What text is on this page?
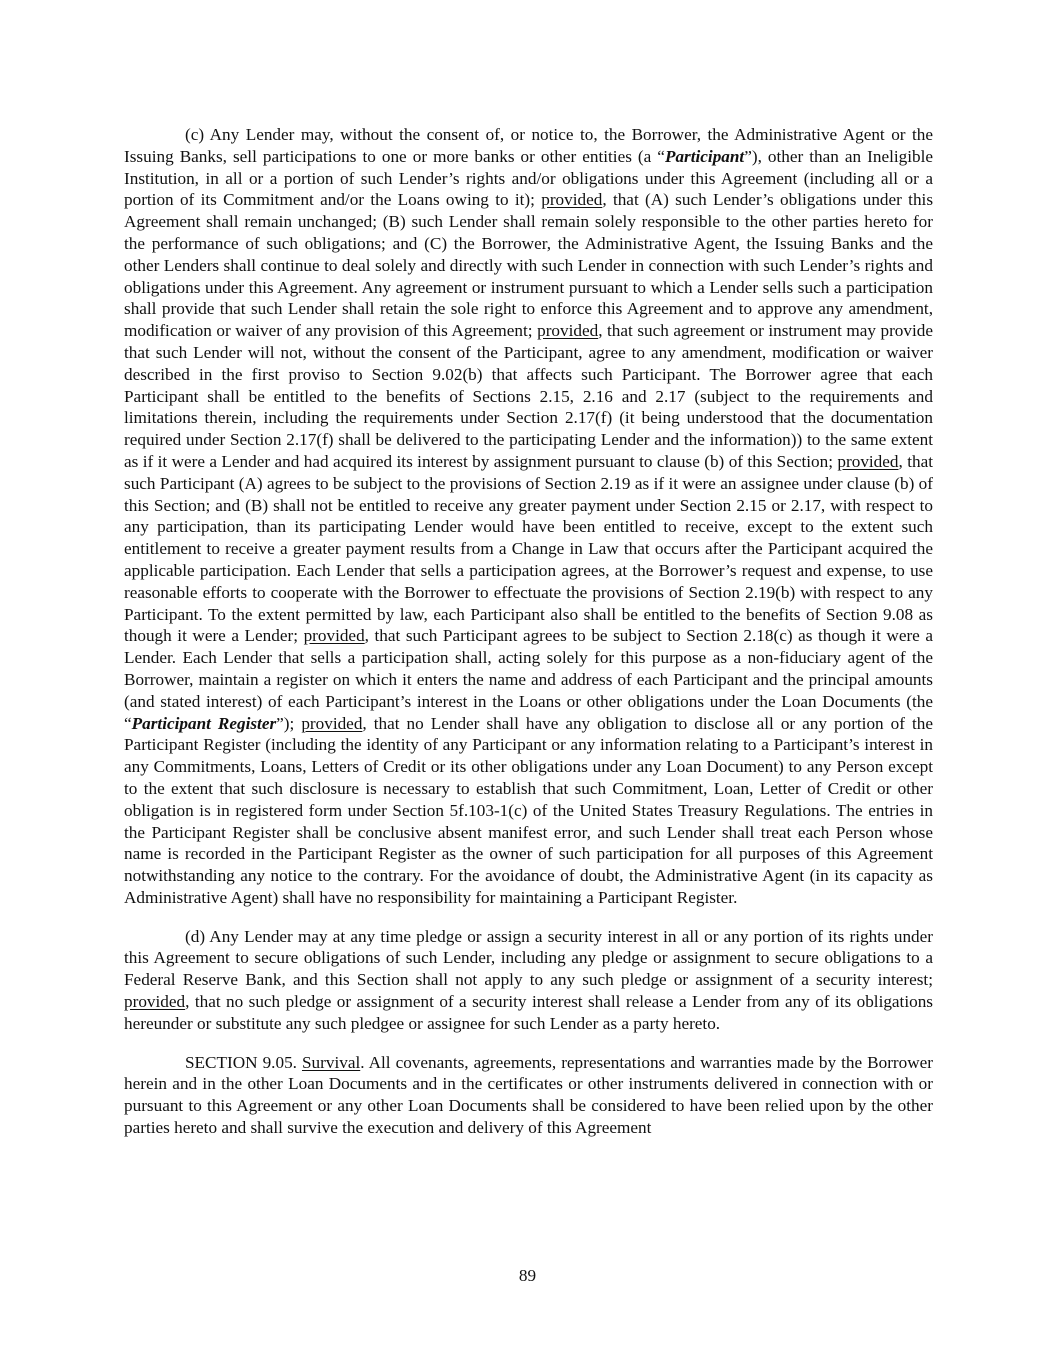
(c) Any Lender may, without the consent of, or notice to, the Borrower, the Administrative Agent or the Issuing Banks, sell participations to one or more banks or other entities (a “Participant”), other than an Ineligible Institution, in all or a portion of such Lender’s rights and/or obligations under this Agreement (including all or a portion of its Commitment and/or the Loans owing to it); provided, that (A) such Lender’s obligations under this Agreement shall remain unchanged; (B) such Lender shall remain solely responsible to the other parties hereto for the performance of such obligations; and (C) the Borrower, the Administrative Agent, the Issuing Banks and the other Lenders shall continue to deal solely and directly with such Lender in connection with such Lender’s rights and obligations under this Agreement. Any agreement or instrument pursuant to which a Lender sells such a participation shall provide that such Lender shall retain the sole right to enforce this Agreement and to approve any amendment, modification or waiver of any provision of this Agreement; provided, that such agreement or instrument may provide that such Lender will not, without the consent of the Participant, agree to any amendment, modification or waiver described in the first proviso to Section 9.02(b) that affects such Participant. The Borrower agree that each Participant shall be entitled to the benefits of Sections 2.15, 2.16 and 2.17 (subject to the requirements and limitations therein, including the requirements under Section 2.17(f) (it being understood that the documentation required under Section 2.17(f) shall be delivered to the participating Lender and the information)) to the same extent as if it were a Lender and had acquired its interest by assignment pursuant to clause (b) of this Section; provided, that such Participant (A) agrees to be subject to the provisions of Section 2.19 as if it were an assignee under clause (b) of this Section; and (B) shall not be entitled to receive any greater payment under Section 2.15 or 2.17, with respect to any participation, than its participating Lender would have been entitled to receive, except to the extent such entitlement to receive a greater payment results from a Change in Law that occurs after the Participant acquired the applicable participation. Each Lender that sells a participation agrees, at the Borrower’s request and expense, to use reasonable efforts to cooperate with the Borrower to effectuate the provisions of Section 2.19(b) with respect to any Participant. To the extent permitted by law, each Participant also shall be entitled to the benefits of Section 9.08 as though it were a Lender; provided, that such Participant agrees to be subject to Section 2.18(c) as though it were a Lender. Each Lender that sells a participation shall, acting solely for this purpose as a non-fiduciary agent of the Borrower, maintain a register on which it enters the name and address of each Participant and the principal amounts (and stated interest) of each Participant’s interest in the Loans or other obligations under the Loan Documents (the “Participant Register”); provided, that no Lender shall have any obligation to disclose all or any portion of the Participant Register (including the identity of any Participant or any information relating to a Participant’s interest in any Commitments, Loans, Letters of Credit or its other obligations under any Loan Document) to any Person except to the extent that such disclosure is necessary to establish that such Commitment, Loan, Letter of Credit or other obligation is in registered form under Section 5f.103-1(c) of the United States Treasury Regulations. The entries in the Participant Register shall be conclusive absent manifest error, and such Lender shall treat each Person whose name is recorded in the Participant Register as the owner of such participation for all purposes of this Agreement notwithstanding any notice to the contrary. For the avoidance of doubt, the Administrative Agent (in its capacity as Administrative Agent) shall have no responsibility for maintaining a Participant Register.

(d) Any Lender may at any time pledge or assign a security interest in all or any portion of its rights under this Agreement to secure obligations of such Lender, including any pledge or assignment to secure obligations to a Federal Reserve Bank, and this Section shall not apply to any such pledge or assignment of a security interest; provided, that no such pledge or assignment of a security interest shall release a Lender from any of its obligations hereunder or substitute any such pledgee or assignee for such Lender as a party hereto.

SECTION 9.05. Survival. All covenants, agreements, representations and warranties made by the Borrower herein and in the other Loan Documents and in the certificates or other instruments delivered in connection with or pursuant to this Agreement or any other Loan Documents shall be considered to have been relied upon by the other parties hereto and shall survive the execution and delivery of this Agreement

89
